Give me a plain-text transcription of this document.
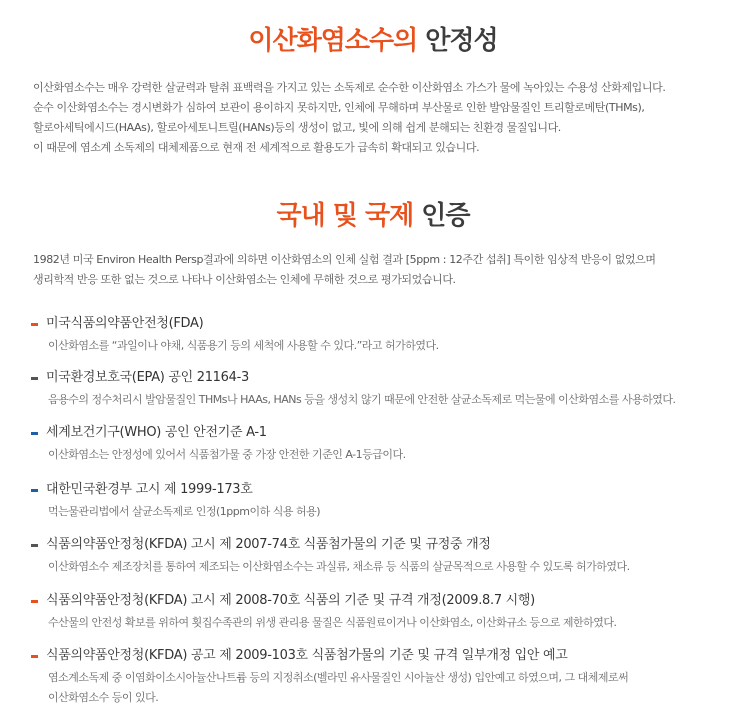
이산화염소수의 안정성
이산화염소수는 매우 강력한 살균력과 탈취 표백력을 가지고 있는 소독제로 순수한 이산화염소 가스가 물에 녹아있는 수용성 산화제입니다.
순수 이산화염소수는 경시변화가 심하여 보관이 용이하지 못하지만, 인체에 무해하며 부산물로 인한 발암물질인 트리할로메탄(THMs),
할로아세틱에시드(HAAs), 할로아세토니트릴(HANs)등의 생성이 없고, 빛에 의해 쉽게 분해되는 친환경 물질입니다.
이 때문에 염소계 소독제의 대체제품으로 현재 전 세계적으로 활용도가 급속히 확대되고 있습니다.
국내 및 국제 인증
1982년 미국 Environ Health Persp결과에 의하면 이산화염소의 인체 실험 결과 [5ppm : 12주간 섭취] 특이한 임상적 반응이 없었으며
생리학적 반응 또한 없는 것으로 나타나 이산화염소는 인체에 무해한 것으로 평가되었습니다.
미국식품의약품안전청(FDA)
이산화염소를 “과일이나 야채, 식품용기 등의 세척에 사용할 수 있다.”라고 허가하였다.
미국환경보호국(EPA) 공인 21164-3
음용수의 정수처리시 발암물질인 THMs나 HAAs, HANs 등을 생성치 않기 때문에 안전한 살균소독제로 먹는물에 이산화염소를 사용하였다.
세계보건기구(WHO) 공인 안전기준 A-1
이산화염소는 안정성에 있어서 식품첨가물 중 가장 안전한 기준인 A-1등급이다.
대한민국환경부 고시 제 1999-173호
먹는물관리법에서 살균소독제로 인정(1ppm이하 식용 허용)
식품의약품안정청(KFDA) 고시 제 2007-74호 식품첨가물의 기준 및 규정중 개정
이산화염소수 제조장치를 통하여 제조되는 이산화염소수는 과실류, 채소류 등 식품의 살균목적으로 사용할 수 있도록 허가하였다.
식품의약품안정청(KFDA) 고시 제 2008-70호 식품의 기준 및 규격 개정(2009.8.7 시행)
수산물의 안전성 확보를 위하여 횟집수족관의 위생 관리용 물질은 식품원료이거나 이산화염소, 이산화규소 등으로 제한하였다.
식품의약품안정청(KFDA) 공고 제 2009-103호 식품첨가물의 기준 및 규격 일부개정 입안 예고
염소계소독제 중 이염화이소시아뉼산나트륨 등의 지정취소(벨라민 유사물질인 시아뉼산 생성) 입안예고 하였으며, 그 대체제로써
이산화염소수 등이 있다.
